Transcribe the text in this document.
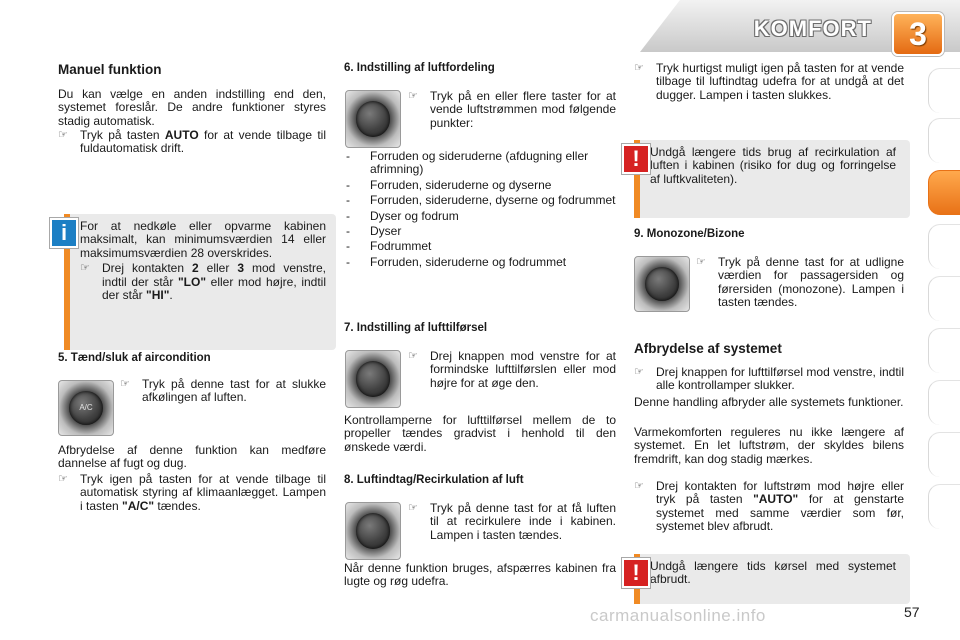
KOMFORT	3
Manuel funktion

Du kan vælge en anden indstilling end den, systemet foreslår. De andre funktioner styres stadig automatisk.

☞	Tryk på tasten AUTO for at vende tilbage til fuldautomatisk drift.
For at nedkøle eller opvarme kabinen maksimalt, kan minimumsværdien 14 eller maksimumsværdien 28 overskrides.
☞	Drej kontakten 2 eller 3 mod venstre, indtil der står "LO" eller mod højre, indtil der står "HI".
i
5. Tænd/sluk af aircondition
A/C
☞	Tryk på denne tast for at slukke afkølingen af luften.

Afbrydelse af denne funktion kan medføre dannelse af fugt og dug.

☞	Tryk igen på tasten for at vende tilbage til automatisk styring af klimaanlægget. Lampen i tasten "A/C" tændes.
6. Indstilling af luftfordeling
☞	Tryk på en eller flere taster for at vende luftstrømmen mod følgende punkter:
-	Forruden og sideruderne (afdugning eller afrimning)
-	Forruden, sideruderne og dyserne
-	Forruden, sideruderne, dyserne og fodrummet
-	Dyser og fodrum
-	Dyser
-	Fodrummet
-	Forruden, sideruderne og fodrummet
7. Indstilling af lufttilførsel
☞	Drej knappen mod venstre for at formindske lufttilførslen eller mod højre for at øge den.

Kontrollamperne for lufttilførsel mellem de to propeller tændes gradvist i henhold til den ønskede værdi.

8. Luftindtag/Recirkulation af luft
☞	Tryk på denne tast for at få luften til at recirkulere inde i kabinen. Lampen i tasten tændes.

Når denne funktion bruges, afspærres kabinen fra lugte og røg udefra.

☞	Tryk hurtigst muligt igen på tasten for at vende tilbage til luftindtag udefra for at undgå at det dugger. Lampen i tasten slukkes.
Undgå længere tids brug af recirkulation af luften i kabinen (risiko for dug og forringelse af luftkvaliteten).
!
9. Monozone/Bizone
☞	Tryk på denne tast for at udligne værdien for passagersiden og førersiden (monozone). Lampen i tasten tændes.
Afbrydelse af systemet
☞	Drej knappen for lufttilførsel mod venstre, indtil alle kontrollamper slukker.

Denne handling afbryder alle systemets funktioner.

Varmekomforten reguleres nu ikke længere af systemet. En let luftstrøm, der skyldes bilens fremdrift, kan dog stadig mærkes.

☞	Drej kontakten for luftstrøm mod højre eller tryk på tasten "AUTO" for at genstarte systemet med samme værdier som før, systemet blev afbrudt.
Undgå længere tids kørsel med systemet afbrudt.
!
carmanualsonline.info	57
